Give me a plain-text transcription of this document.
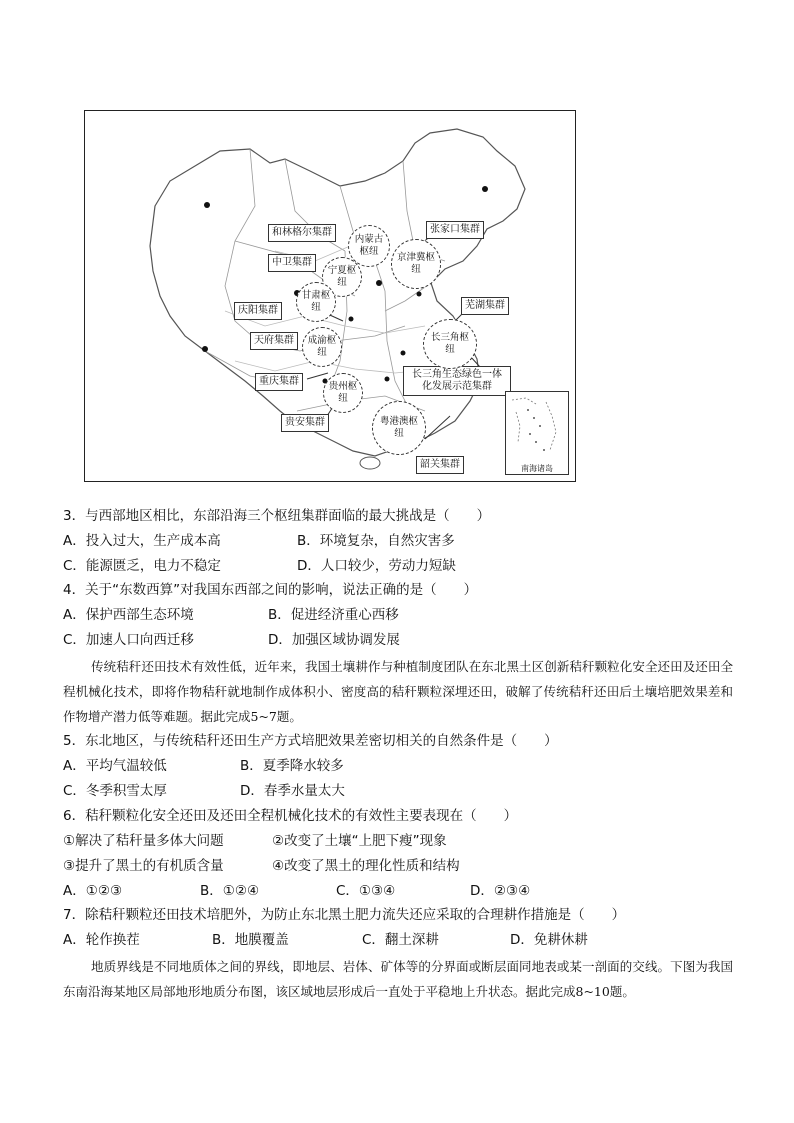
和林格尔集群
中卫集群
庆阳集群
天府集群
重庆集群
贵安集群
张家口集群
芜湖集群
长三角生态绿色一体化发展示范集群
韶关集群
内蒙古枢纽
京津冀枢纽
宁夏枢纽
甘肃枢纽
长三角枢纽
成渝枢纽
贵州枢纽
粤港澳枢纽
南海诸岛
3．与西部地区相比，东部沿海三个枢纽集群面临的最大挑战是（　　）
A．投入过大，生产成本高	B．环境复杂，自然灾害多
C．能源匮乏，电力不稳定	D．人口较少，劳动力短缺
4．关于“东数西算”对我国东西部之间的影响，说法正确的是（　　）
A．保护西部生态环境	B．促进经济重心西移
C．加速人口向西迁移	D．加强区域协调发展
传统秸秆还田技术有效性低，近年来，我国土壤耕作与种植制度团队在东北黑土区创新秸秆颗粒化安全还田及还田全程机械化技术，即将作物秸秆就地制作成体积小、密度高的秸秆颗粒深埋还田，破解了传统秸秆还田后土壤培肥效果差和作物增产潜力低等难题。据此完成5~7题。
5．东北地区，与传统秸秆还田生产方式培肥效果差密切相关的自然条件是（　　）
A．平均气温较低	B．夏季降水较多
C．冬季积雪太厚	D．春季水量太大
6．秸秆颗粒化安全还田及还田全程机械化技术的有效性主要表现在（　　）
①解决了秸秆量多体大问题	②改变了土壤“上肥下瘦”现象
③提升了黑土的有机质含量	④改变了黑土的理化性质和结构
A．①②③	B．①②④	C．①③④	D．②③④
7．除秸秆颗粒还田技术培肥外，为防止东北黑土肥力流失还应采取的合理耕作措施是（　　）
A．轮作换茬	B．地膜覆盖	C．翻土深耕	D．免耕休耕
地质界线是不同地质体之间的界线，即地层、岩体、矿体等的分界面或断层面同地表或某一剖面的交线。下图为我国东南沿海某地区局部地形地质分布图，该区域地层形成后一直处于平稳地上升状态。据此完成8~10题。
